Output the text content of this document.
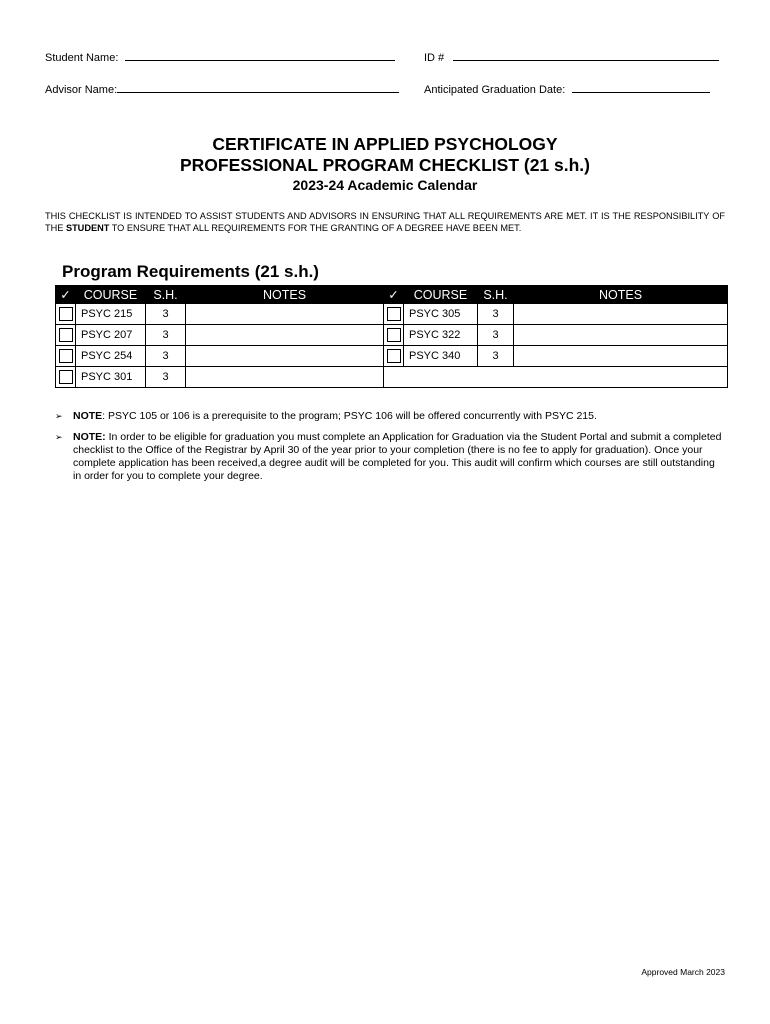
Student Name:	ID #
Advisor Name:	Anticipated Graduation Date:
CERTIFICATE IN APPLIED PSYCHOLOGY
PROFESSIONAL PROGRAM CHECKLIST (21 s.h.)
2023-24 Academic Calendar
THIS CHECKLIST IS INTENDED TO ASSIST STUDENTS AND ADVISORS IN ENSURING THAT ALL REQUIREMENTS ARE MET. IT IS THE RESPONSIBILITY OF THE STUDENT TO ENSURE THAT ALL REQUIREMENTS FOR THE GRANTING OF A DEGREE HAVE BEEN MET.
Program Requirements (21 s.h.)
✓	COURSE	S.H.	NOTES	✓	COURSE	S.H.	NOTES
	PSYC 215	3			PSYC 305	3	
	PSYC 207	3			PSYC 322	3	
	PSYC 254	3			PSYC 340	3	
	PSYC 301	3					
➢ NOTE: PSYC 105 or 106 is a prerequisite to the program; PSYC 106 will be offered concurrently with PSYC 215.
➢ NOTE: In order to be eligible for graduation you must complete an Application for Graduation via the Student Portal and submit a completed checklist to the Office of the Registrar by April 30 of the year prior to your completion (there is no fee to apply for graduation). Once your complete application has been received,a degree audit will be completed for you. This audit will confirm which courses are still outstanding in order for you to complete your degree.
Approved March 2023
